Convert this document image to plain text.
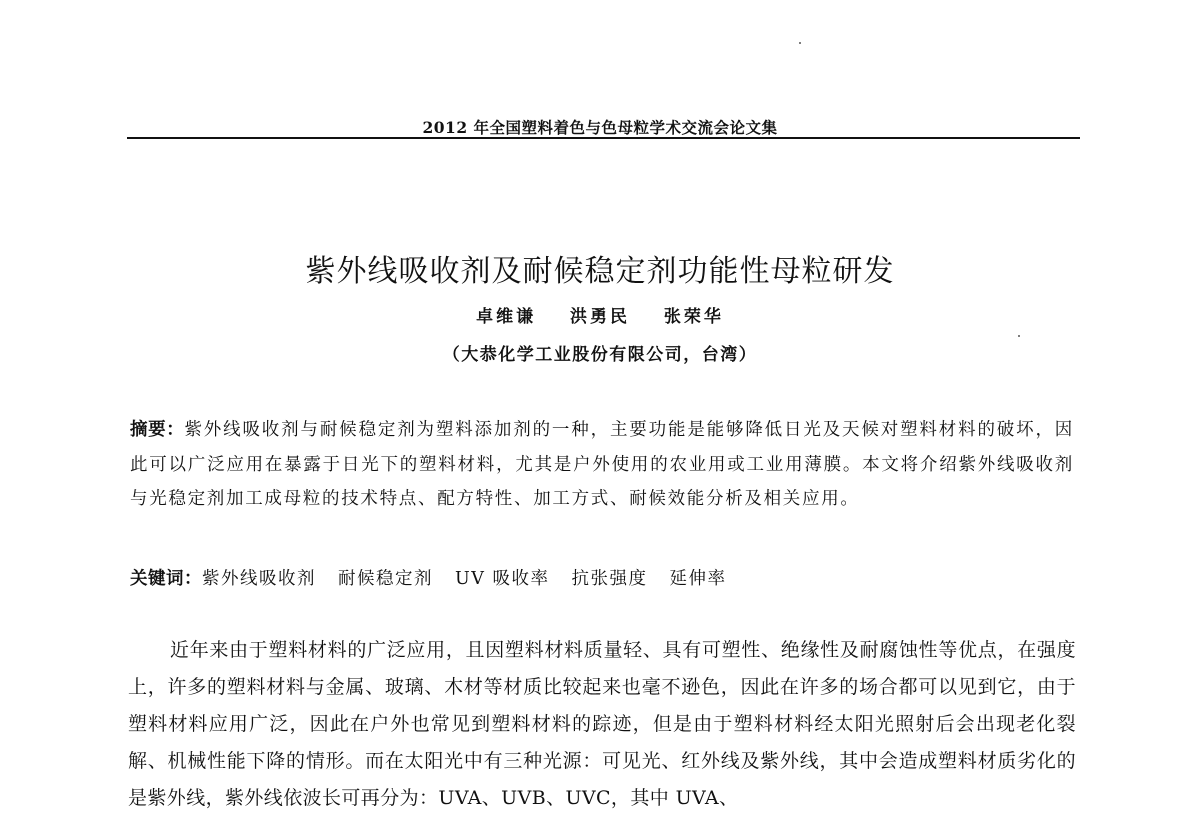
2012 年全国塑料着色与色母粒学术交流会论文集
紫外线吸收剂及耐候稳定剂功能性母粒研发
卓维谦 洪勇民 张荣华
（大恭化学工业股份有限公司，台湾）
摘要：紫外线吸收剂与耐候稳定剂为塑料添加剂的一种，主要功能是能够降低日光及天候对塑料材料的破坏，因此可以广泛应用在暴露于日光下的塑料材料，尤其是户外使用的农业用或工业用薄膜。本文将介绍紫外线吸收剂与光稳定剂加工成母粒的技术特点、配方特性、加工方式、耐候效能分析及相关应用。
关键词：紫外线吸收剂 耐候稳定剂 UV 吸收率 抗张强度 延伸率
近年来由于塑料材料的广泛应用，且因塑料材料质量轻、具有可塑性、绝缘性及耐腐蚀性等优点，在强度上，许多的塑料材料与金属、玻璃、木材等材质比较起来也毫不逊色，因此在许多的场合都可以见到它，由于塑料材料应用广泛，因此在户外也常见到塑料材料的踪迹，但是由于塑料材料经太阳光照射后会出现老化裂解、机械性能下降的情形。而在太阳光中有三种光源：可见光、红外线及紫外线，其中会造成塑料材质劣化的是紫外线，紫外线依波长可再分为：UVA、UVB、UVC，其中 UVA、
